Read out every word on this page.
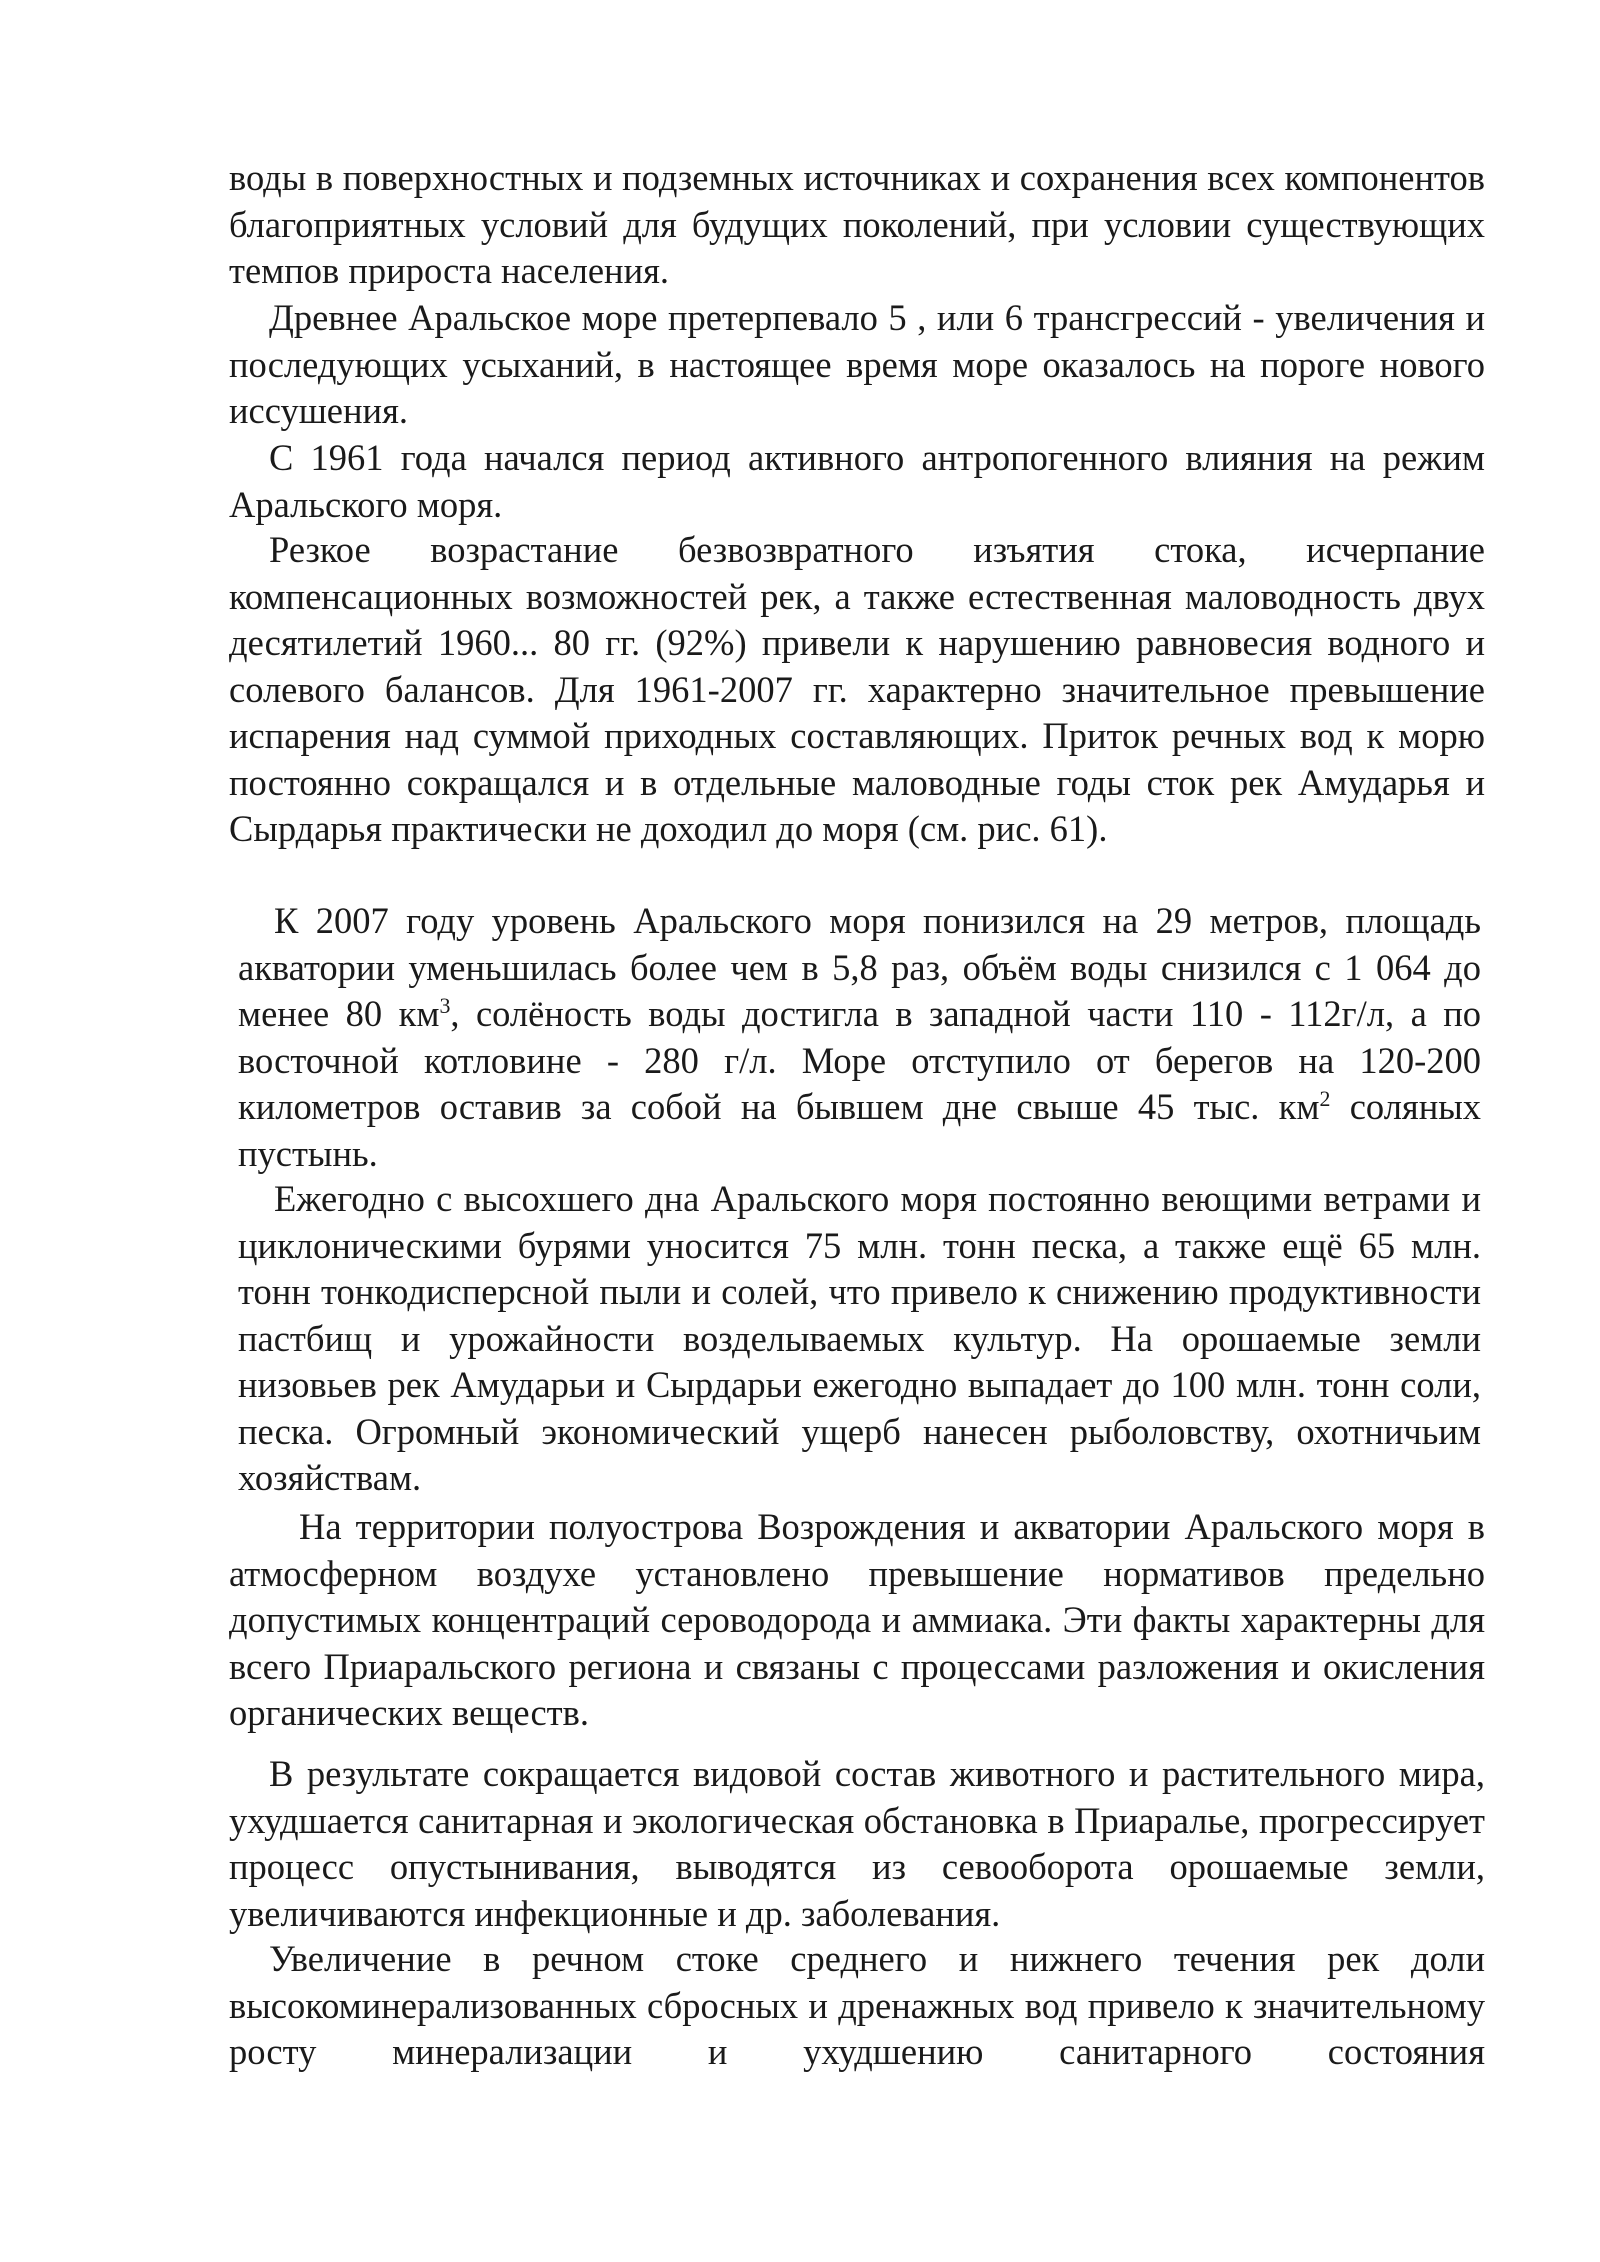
воды в поверхностных и подземных источниках и сохранения всех компонентов благоприятных условий для будущих поколений, при условии существующих темпов прироста населения.

Древнее Аральское море претерпевало 5 , или 6 трансгрессий - увеличения и последующих усыханий, в настоящее время море оказалось на пороге нового иссушения.

С 1961 года начался период активного антропогенного влияния на режим Аральского моря.

Резкое возрастание безвозвратного изъятия стока, исчерпание компенсационных возможностей рек, а также естественная маловодность двух десятилетий 1960... 80 гг. (92%) привели к нарушению равновесия водного и солевого балансов. Для 1961-2007 гг. характерно значительное превышение испарения над суммой приходных составляющих. Приток речных вод к морю постоянно сокращался и в отдельные маловодные годы сток рек Амударья и Сырдарья практически не доходил до моря (см. рис. 61).

К 2007 году уровень Аральского моря понизился на 29 метров, площадь акватории уменьшилась более чем в 5,8 раз, объём воды снизился с 1 064 до менее 80 $км^3$, солёность воды достигла в западной части 110 - 112г/л, а по восточной котловине - 280 г/л. Море отступило от берегов на 120-200 километров оставив за собой на бывшем дне свыше 45 тыс. $км^2$ соляных пустынь.

Ежегодно с высохшего дна Аральского моря постоянно веющими ветрами и циклоническими бурями уносится 75 млн. тонн песка, а также ещё 65 млн. тонн тонкодисперсной пыли и солей, что привело к снижению продуктивности пастбищ и урожайности возделываемых культур. На орошаемые земли низовьев рек Амударьи и Сырдарьи ежегодно выпадает до 100 млн. тонн соли, песка. Огромный экономический ущерб нанесен рыболовству, охотничьим хозяйствам.

На территории полуострова Возрождения и акватории Аральского моря в атмосферном воздухе установлено превышение нормативов предельно допустимых концентраций сероводорода и аммиака. Эти факты характерны для всего Приаральского региона и связаны с процессами разложения и окисления органических веществ.

В результате сокращается видовой состав животного и растительного мира, ухудшается санитарная и экологическая обстановка в Приаралье, прогрессирует процесс опустынивания, выводятся из севооборота орошаемые земли, увеличиваются инфекционные и др. заболевания.

Увеличение в речном стоке среднего и нижнего течения рек доли высокоминерализованных сбросных и дренажных вод привело к значительному росту минерализации и ухудшению санитарного состояния
